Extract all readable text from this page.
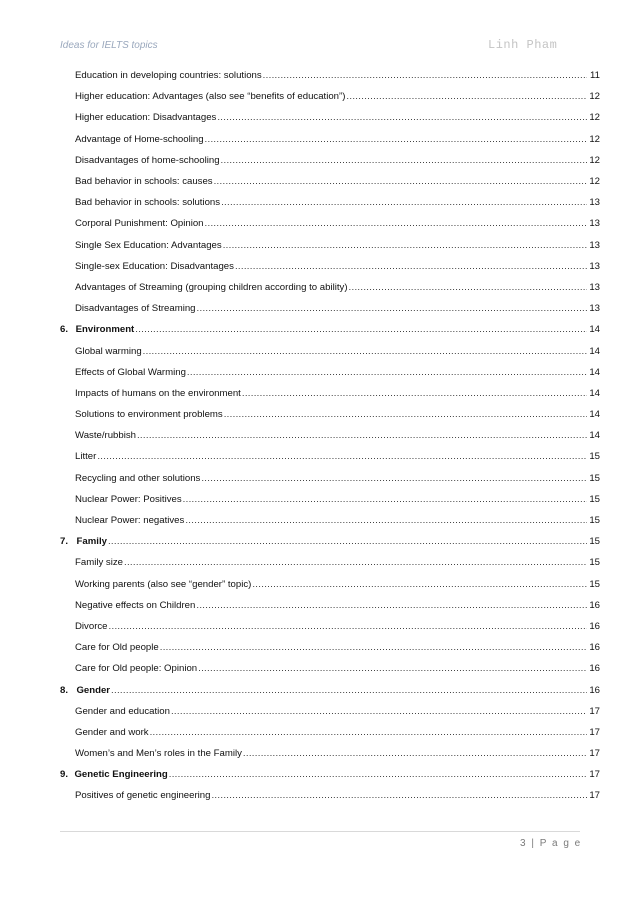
Ideas for IELTS topics	Linh Pham
Education in developing countries: solutions .....	11
Higher education: Advantages (also see “benefits of education”) .....	12
Higher education: Disadvantages .....	12
Advantage of Home-schooling .....	12
Disadvantages of home-schooling .....	12
Bad behavior in schools: causes .....	12
Bad behavior in schools: solutions .....	13
Corporal Punishment: Opinion .....	13
Single Sex Education: Advantages .....	13
Single-sex Education: Disadvantages .....	13
Advantages of Streaming (grouping children according to ability) .....	13
Disadvantages of Streaming .....	13
6. Environment .....	14
Global warming .....	14
Effects of Global Warming .....	14
Impacts of humans on the environment .....	14
Solutions to environment problems .....	14
Waste/rubbish .....	14
Litter .....	15
Recycling and other solutions .....	15
Nuclear Power: Positives .....	15
Nuclear Power: negatives .....	15
7. Family .....	15
Family size .....	15
Working parents (also see “gender” topic) .....	15
Negative effects on Children .....	16
Divorce .....	16
Care for Old people .....	16
Care for Old people: Opinion .....	16
8. Gender .....	16
Gender and education .....	17
Gender and work .....	17
Women’s and Men’s roles in the Family .....	17
9. Genetic Engineering .....	17
Positives of genetic engineering .....	17
3 | P a g e
